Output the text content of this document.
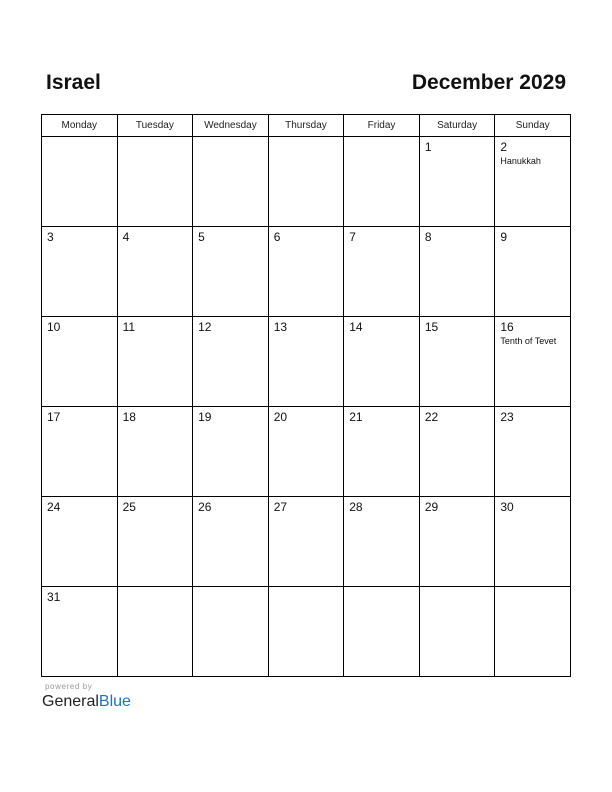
Israel	December 2029
Monday	Tuesday	Wednesday	Thursday	Friday	Saturday	Sunday

					1	2
Hanukkah

3	4	5	6	7	8	9

10	11	12	13	14	15	16
Tenth of Tevet

17	18	19	20	21	22	23

24	25	26	27	28	29	30

31						

powered by
GeneralBlue
